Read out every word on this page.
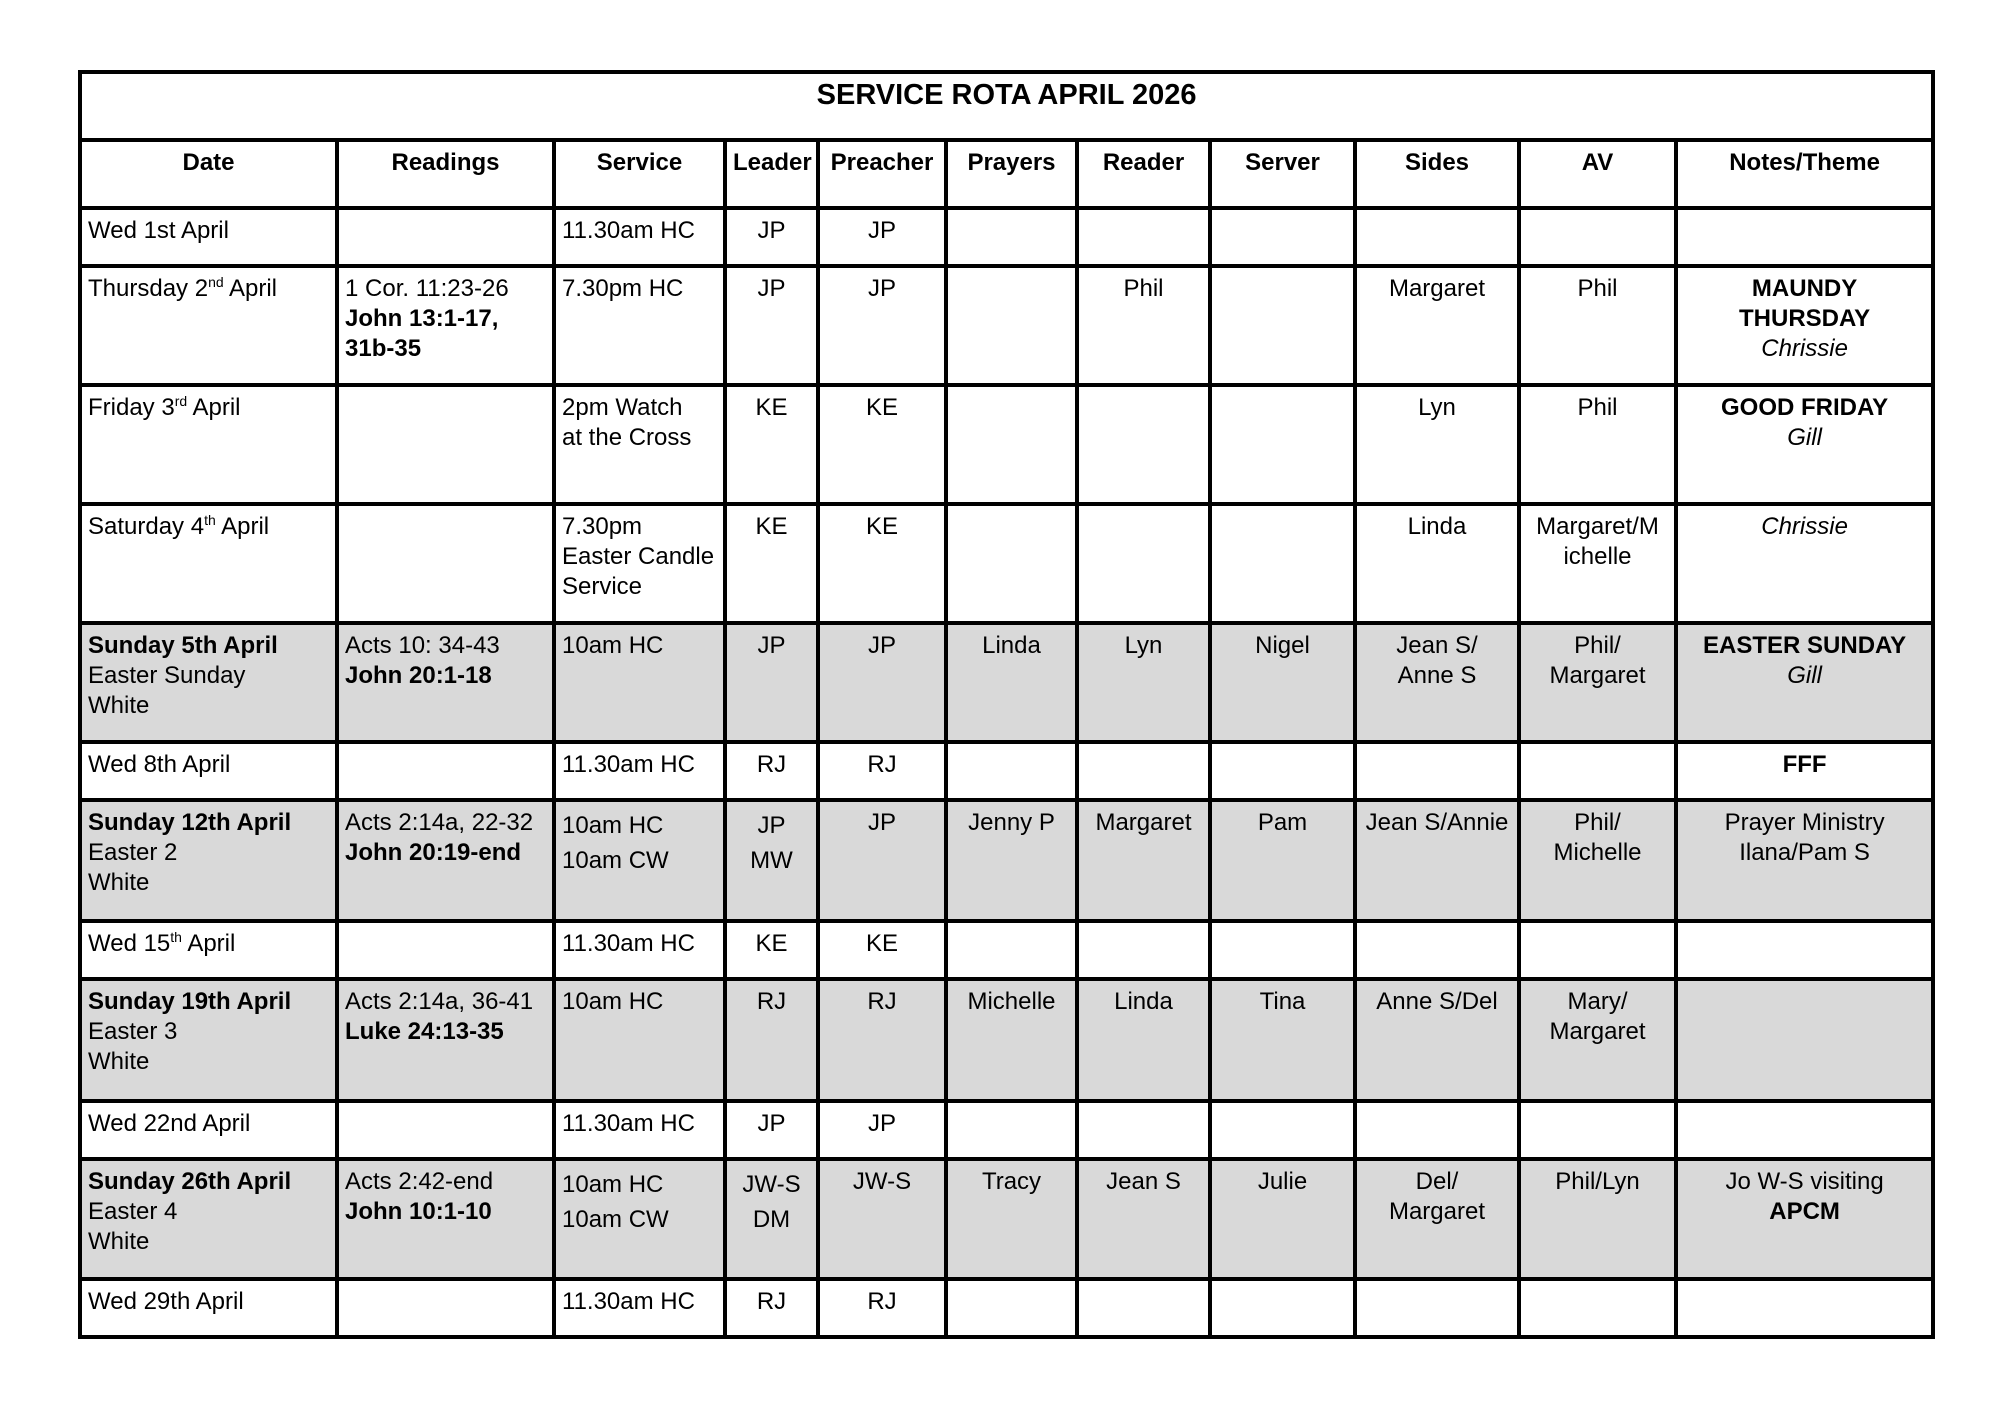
SERVICE ROTA APRIL 2026										
Date	Readings	Service	Leader	Preacher	Prayers	Reader	Server	Sides	AV	Notes/Theme

Wed 1st April		11.30am HC	JP	JP						

Thursday 2nd April	1 Cor. 11:23-26
John 13:1-17,
31b-35	7.30pm HC	JP	JP		Phil		Margaret	Phil	MAUNDY THURSDAY
Chrissie

Friday 3rd April		2pm Watch
at the Cross	KE	KE				Lyn	Phil	GOOD FRIDAY
Gill

Saturday 4th April		7.30pm
Easter Candle
Service	KE	KE				Linda	Margaret/M
ichelle	Chrissie

Sunday 5th April
Easter Sunday
White	Acts 10: 34-43
John 20:1-18	10am HC	JP	JP	Linda	Lyn	Nigel	Jean S/
Anne S	Phil/
Margaret	EASTER SUNDAY
Gill

Wed 8th April		11.30am HC	RJ	RJ						FFF

Sunday 12th April
Easter 2
White	Acts 2:14a, 22-32
John 20:19-end	10am HC
10am CW	JP
MW	JP	Jenny P	Margaret	Pam	Jean S/Annie	Phil/
Michelle	Prayer Ministry
Ilana/Pam S

Wed 15th April		11.30am HC	KE	KE						

Sunday 19th April
Easter 3
White	Acts 2:14a, 36-41
Luke 24:13-35	10am HC	RJ	RJ	Michelle	Linda	Tina	Anne S/Del	Mary/
Margaret	

Wed 22nd April		11.30am HC	JP	JP						

Sunday 26th April
Easter 4
White	Acts 2:42-end
John 10:1-10	10am HC
10am CW	JW-S
DM	JW-S	Tracy	Jean S	Julie	Del/
Margaret	Phil/Lyn	Jo W-S visiting
APCM

Wed 29th April		11.30am HC	RJ	RJ						
